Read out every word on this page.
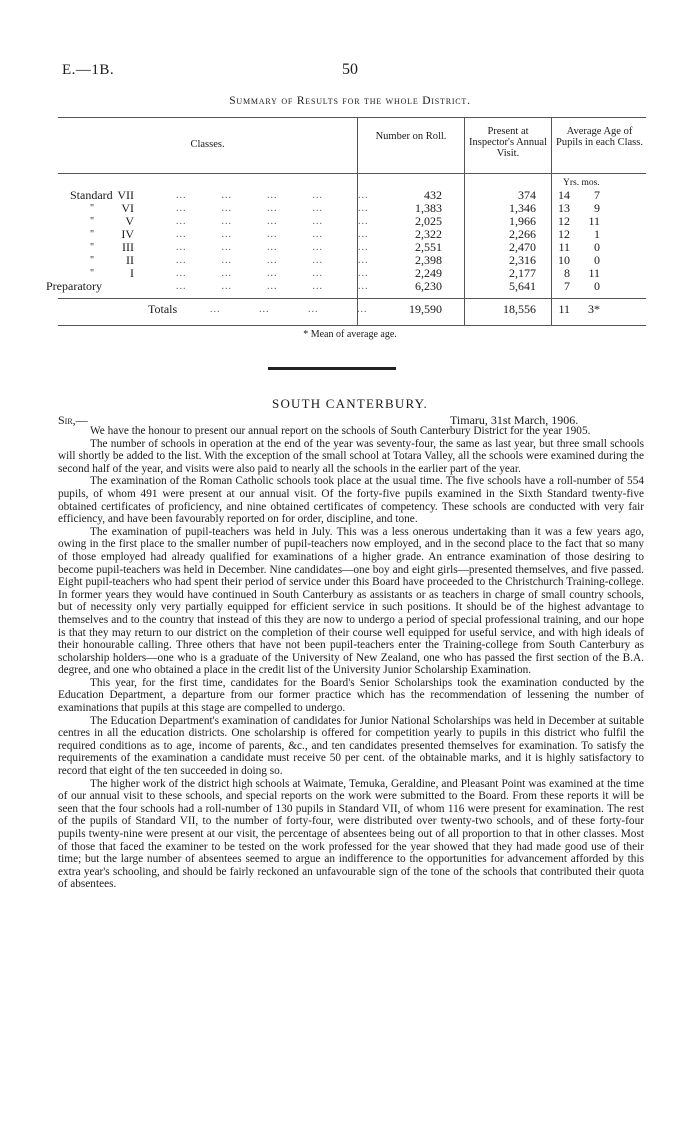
E.—1B.	50
Summary of Results for the whole District.
Classes.
Number on Roll.	Present at Inspector's Annual Visit.
Average Age of Pupils in each Class.
Yrs. mos.
Standard VII	...          ...          ...          ...          ...	432	374	14	7
"	VI	...          ...          ...          ...          ...	1,383	1,346	13	9
"	V	...          ...          ...          ...          ...	2,025	1,966	12	11
"	IV	...          ...          ...          ...          ...	2,322	2,266	12	1
"	III	...          ...          ...          ...          ...	2,551	2,470	11	0
"	II	...          ...          ...          ...          ...	2,398	2,316	10	0
"	I	...          ...          ...          ...          ...	2,249	2,177	8	11
Preparatory	...          ...          ...          ...          ...	6,230	5,641	7	0
Totals	...           ...           ...           ...	19,590	18,556	11	3*
* Mean of average age.
SOUTH CANTERBURY.
Sir,—	Timaru, 31st March, 1906.

We have the honour to present our annual report on the schools of South Canterbury District for the year 1905.

The number of schools in operation at the end of the year was seventy-four, the same as last year, but three small schools will shortly be added to the list. With the exception of the small school at Totara Valley, all the schools were examined during the second half of the year, and visits were also paid to nearly all the schools in the earlier part of the year.

The examination of the Roman Catholic schools took place at the usual time. The five schools have a roll-number of 554 pupils, of whom 491 were present at our annual visit. Of the forty-five pupils examined in the Sixth Standard twenty-five obtained certificates of proficiency, and nine obtained certificates of competency. These schools are conducted with very fair efficiency, and have been favourably reported on for order, discipline, and tone.

The examination of pupil-teachers was held in July. This was a less onerous undertaking than it was a few years ago, owing in the first place to the smaller number of pupil-teachers now employed, and in the second place to the fact that so many of those employed had already qualified for examinations of a higher grade. An entrance examination of those desiring to become pupil-teachers was held in December. Nine candidates—one boy and eight girls—presented themselves, and five passed. Eight pupil-teachers who had spent their period of service under this Board have proceeded to the Christchurch Training-college. In former years they would have continued in South Canterbury as assistants or as teachers in charge of small country schools, but of necessity only very partially equipped for efficient service in such positions. It should be of the highest advantage to themselves and to the country that instead of this they are now to undergo a period of special professional training, and our hope is that they may return to our district on the completion of their course well equipped for useful service, and with high ideals of their honourable calling. Three others that have not been pupil-teachers enter the Training-college from South Canterbury as scholarship holders—one who is a graduate of the University of New Zealand, one who has passed the first section of the B.A. degree, and one who obtained a place in the credit list of the University Junior Scholarship Examination.

This year, for the first time, candidates for the Board's Senior Scholarships took the examination conducted by the Education Department, a departure from our former practice which has the recommendation of lessening the number of examinations that pupils at this stage are compelled to undergo.

The Education Department's examination of candidates for Junior National Scholarships was held in December at suitable centres in all the education districts. One scholarship is offered for competition yearly to pupils in this district who fulfil the required conditions as to age, income of parents, &c., and ten candidates presented themselves for examination. To satisfy the requirements of the examination a candidate must receive 50 per cent. of the obtainable marks, and it is highly satisfactory to record that eight of the ten succeeded in doing so.

The higher work of the district high schools at Waimate, Temuka, Geraldine, and Pleasant Point was examined at the time of our annual visit to these schools, and special reports on the work were submitted to the Board. From these reports it will be seen that the four schools had a roll-number of 130 pupils in Standard VII, of whom 116 were present for examination. The rest of the pupils of Standard VII, to the number of forty-four, were distributed over twenty-two schools, and of these forty-four pupils twenty-nine were present at our visit, the percentage of absentees being out of all proportion to that in other classes. Most of those that faced the examiner to be tested on the work professed for the year showed that they had made good use of their time; but the large number of absentees seemed to argue an indifference to the opportunities for advancement afforded by this extra year's schooling, and should be fairly reckoned an unfavourable sign of the tone of the schools that contributed their quota of absentees.
